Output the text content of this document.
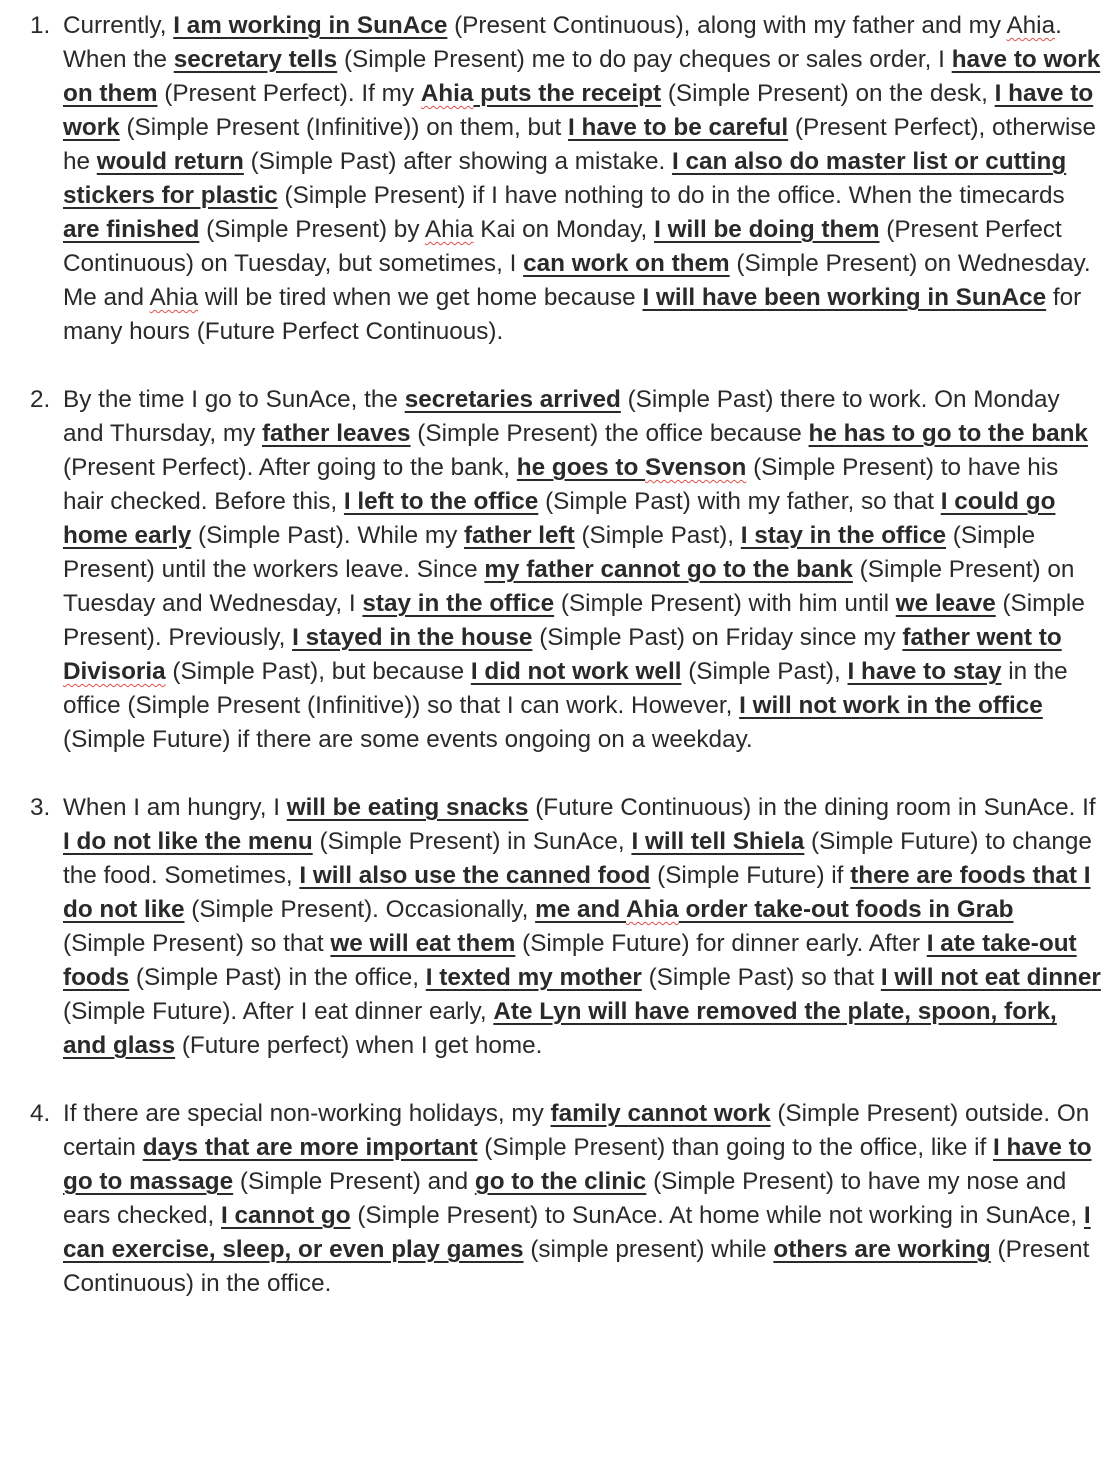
1. Currently, I am working in SunAce (Present Continuous), along with my father and my Ahia. When the secretary tells (Simple Present) me to do pay cheques or sales order, I have to work on them (Present Perfect). If my Ahia puts the receipt (Simple Present) on the desk, I have to work (Simple Present (Infinitive)) on them, but I have to be careful (Present Perfect), otherwise he would return (Simple Past) after showing a mistake. I can also do master list or cutting stickers for plastic (Simple Present) if I have nothing to do in the office. When the timecards are finished (Simple Present) by Ahia Kai on Monday, I will be doing them (Present Perfect Continuous) on Tuesday, but sometimes, I can work on them (Simple Present) on Wednesday. Me and Ahia will be tired when we get home because I will have been working in SunAce for many hours (Future Perfect Continuous).
2. By the time I go to SunAce, the secretaries arrived (Simple Past) there to work. On Monday and Thursday, my father leaves (Simple Present) the office because he has to go to the bank (Present Perfect). After going to the bank, he goes to Svenson (Simple Present) to have his hair checked. Before this, I left to the office (Simple Past) with my father, so that I could go home early (Simple Past). While my father left (Simple Past), I stay in the office (Simple Present) until the workers leave. Since my father cannot go to the bank (Simple Present) on Tuesday and Wednesday, I stay in the office (Simple Present) with him until we leave (Simple Present). Previously, I stayed in the house (Simple Past) on Friday since my father went to Divisoria (Simple Past), but because I did not work well (Simple Past), I have to stay in the office (Simple Present (Infinitive)) so that I can work. However, I will not work in the office (Simple Future) if there are some events ongoing on a weekday.
3. When I am hungry, I will be eating snacks (Future Continuous) in the dining room in SunAce. If I do not like the menu (Simple Present) in SunAce, I will tell Shiela (Simple Future) to change the food. Sometimes, I will also use the canned food (Simple Future) if there are foods that I do not like (Simple Present). Occasionally, me and Ahia order take-out foods in Grab (Simple Present) so that we will eat them (Simple Future) for dinner early. After I ate take-out foods (Simple Past) in the office, I texted my mother (Simple Past) so that I will not eat dinner (Simple Future). After I eat dinner early, Ate Lyn will have removed the plate, spoon, fork, and glass (Future perfect) when I get home.
4. If there are special non-working holidays, my family cannot work (Simple Present) outside. On certain days that are more important (Simple Present) than going to the office, like if I have to go to massage (Simple Present) and go to the clinic (Simple Present) to have my nose and ears checked, I cannot go (Simple Present) to SunAce. At home while not working in SunAce, I can exercise, sleep, or even play games (simple present) while others are working (Present Continuous) in the office.
